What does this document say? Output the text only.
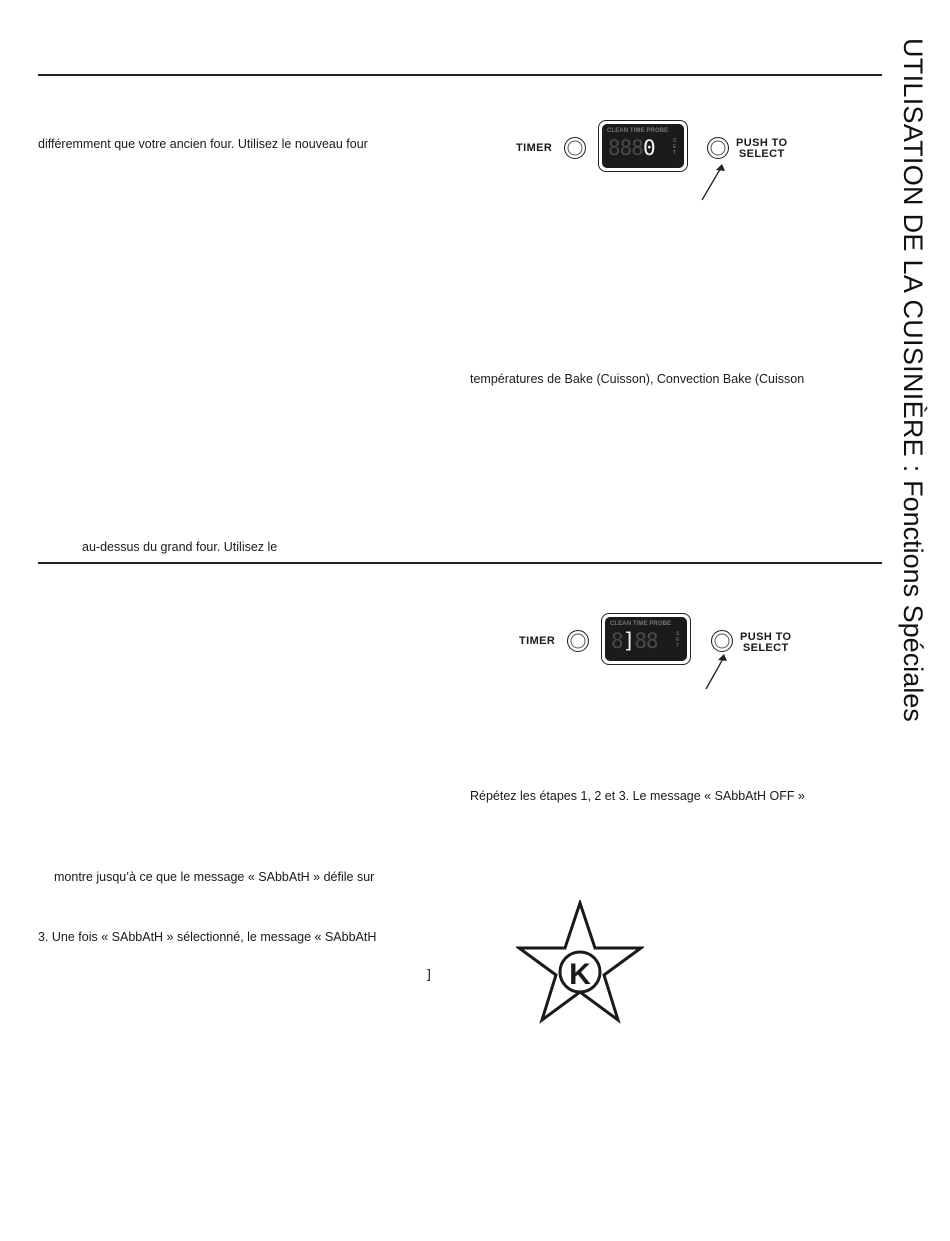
UTILISATION DE LA CUISINIÈRE : Fonctions Spéciales
différemment que votre ancien four. Utilisez le nouveau four
températures de Bake (Cuisson), Convection Bake (Cuisson
au-dessus du grand four. Utilisez le
TIMER
CLEAN TIME PROBE
8880	S E T
PUSH TO
SELECT
TIMER
CLEAN TIME PROBE
8]88	S E T
PUSH TO
SELECT
Répétez les étapes 1, 2 et 3. Le message « SAbbAtH OFF »
montre jusqu’à ce que le message « SAbbAtH » défile sur
3. Une fois « SAbbAtH » sélectionné, le message « SAbbAtH
]	K
